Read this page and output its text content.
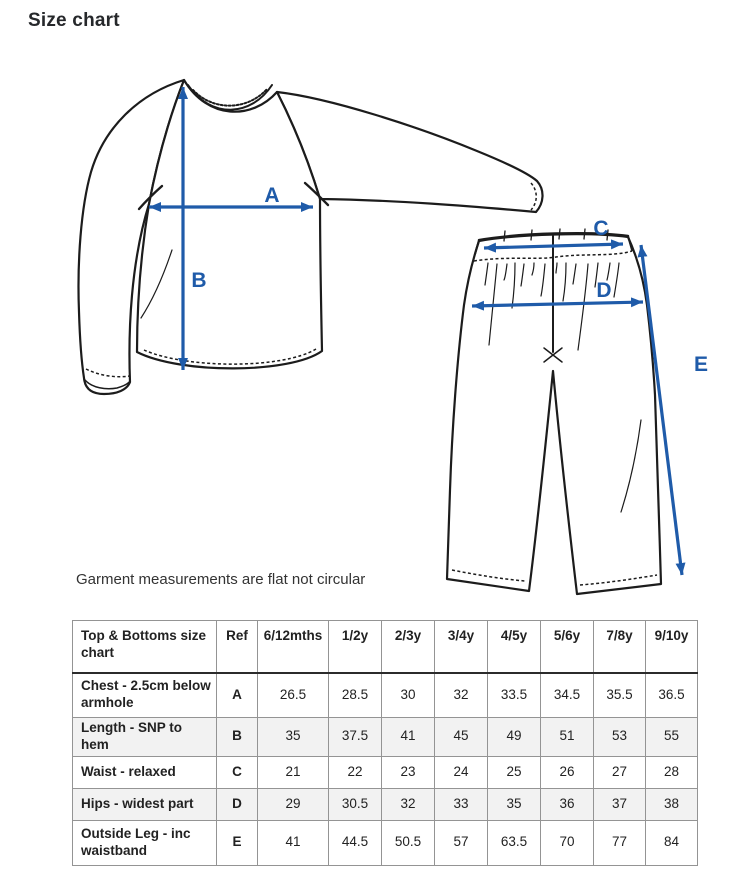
Size chart
A
B
C
D
E

Garment measurements are flat not circular

Top & Bottoms size chart	Ref	6/12mths	1/2y	2/3y	3/4y	4/5y	5/6y	7/8y	9/10y
Chest - 2.5cm below armhole	A	26.5	28.5	30	32	33.5	34.5	35.5	36.5
Length - SNP to hem	B	35	37.5	41	45	49	51	53	55
Waist - relaxed	C	21	22	23	24	25	26	27	28
Hips - widest part	D	29	30.5	32	33	35	36	37	38
Outside Leg - inc waistband	E	41	44.5	50.5	57	63.5	70	77	84
